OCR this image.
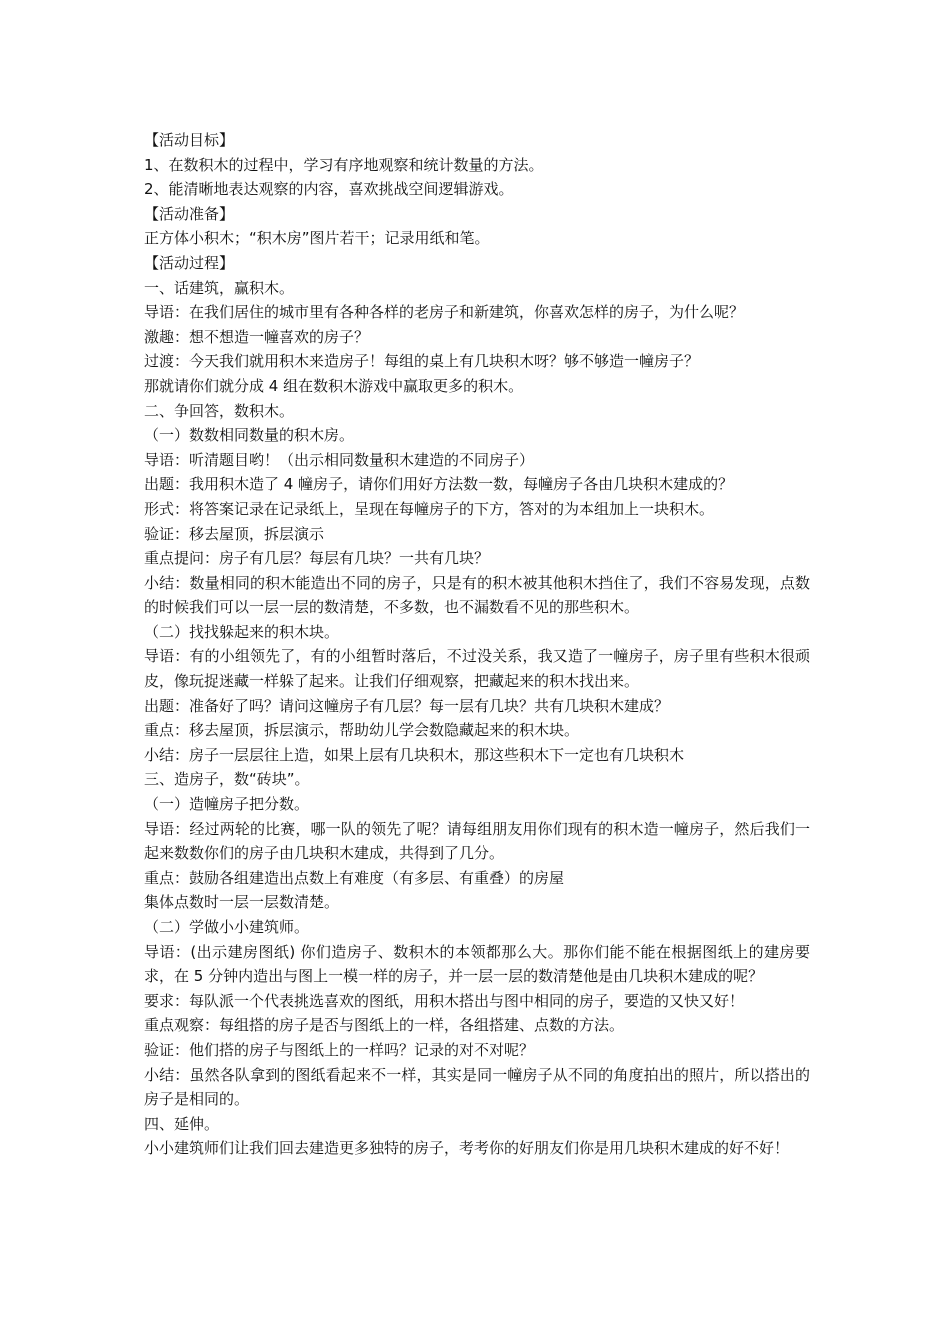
【活动目标】

1、在数积木的过程中，学习有序地观察和统计数量的方法。

2、能清晰地表达观察的内容，喜欢挑战空间逻辑游戏。

【活动准备】

正方体小积木；“积木房”图片若干；记录用纸和笔。

【活动过程】

一、话建筑，赢积木。

导语：在我们居住的城市里有各种各样的老房子和新建筑，你喜欢怎样的房子，为什么呢？

激趣：想不想造一幢喜欢的房子？

过渡：今天我们就用积木来造房子！每组的桌上有几块积木呀？够不够造一幢房子？

那就请你们就分成 4 组在数积木游戏中赢取更多的积木。

二、争回答，数积木。

（一）数数相同数量的积木房。

导语：听清题目哟！（出示相同数量积木建造的不同房子）

出题：我用积木造了 4 幢房子，请你们用好方法数一数，每幢房子各由几块积木建成的？

形式：将答案记录在记录纸上，呈现在每幢房子的下方，答对的为本组加上一块积木。

验证：移去屋顶，拆层演示

重点提问：房子有几层？每层有几块？一共有几块？

小结：数量相同的积木能造出不同的房子，只是有的积木被其他积木挡住了，我们不容易发现，点数的时候我们可以一层一层的数清楚，不多数，也不漏数看不见的那些积木。

（二）找找躲起来的积木块。

导语：有的小组领先了，有的小组暂时落后，不过没关系，我又造了一幢房子，房子里有些积木很顽皮，像玩捉迷藏一样躲了起来。让我们仔细观察，把藏起来的积木找出来。

出题：准备好了吗？请问这幢房子有几层？每一层有几块？共有几块积木建成？

重点：移去屋顶，拆层演示，帮助幼儿学会数隐藏起来的积木块。

小结：房子一层层往上造，如果上层有几块积木，那这些积木下一定也有几块积木

三、造房子，数“砖块”。

（一）造幢房子把分数。

导语：经过两轮的比赛，哪一队的领先了呢？请每组朋友用你们现有的积木造一幢房子，然后我们一起来数数你们的房子由几块积木建成，共得到了几分。

重点：鼓励各组建造出点数上有难度（有多层、有重叠）的房屋

集体点数时一层一层数清楚。

（二）学做小小建筑师。

导语：(出示建房图纸) 你们造房子、数积木的本领都那么大。那你们能不能在根据图纸上的建房要求，在 5 分钟内造出与图上一模一样的房子，并一层一层的数清楚他是由几块积木建成的呢？

要求：每队派一个代表挑选喜欢的图纸，用积木搭出与图中相同的房子，要造的又快又好！

重点观察：每组搭的房子是否与图纸上的一样，各组搭建、点数的方法。

验证：他们搭的房子与图纸上的一样吗？记录的对不对呢？

小结：虽然各队拿到的图纸看起来不一样，其实是同一幢房子从不同的角度拍出的照片，所以搭出的房子是相同的。

四、延伸。

小小建筑师们让我们回去建造更多独特的房子，考考你的好朋友们你是用几块积木建成的好不好！
